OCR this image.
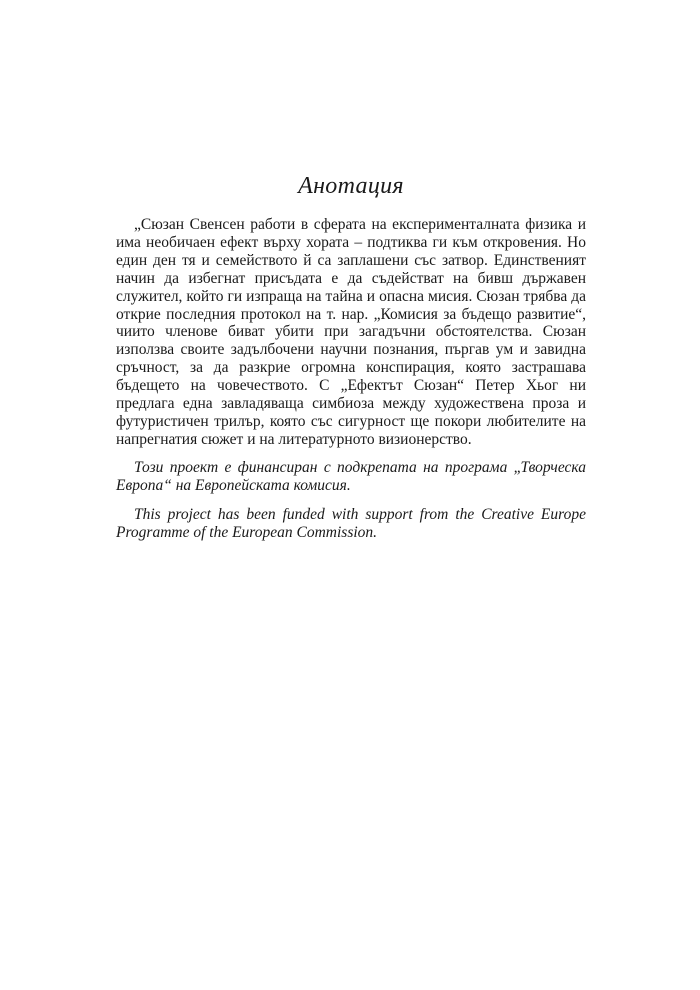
Анотация

„Сюзан Свенсен работи в сферата на експерименталната физика и има необичаен ефект върху хората – подтиква ги към откровения. Но един ден тя и семейството й са заплашени със затвор. Единственият начин да избегнат присъдата е да съдействат на бивш държавен служител, който ги изпраща на тайна и опасна мисия. Сюзан трябва да открие последния протокол на т. нар. „Комисия за бъдещо развитие“, чиито членове биват убити при загадъчни обстоятелства. Сюзан използва своите задълбочени научни познания, пъргав ум и завидна сръчност, за да разкрие огромна конспирация, която застрашава бъдещето на човечеството. С „Ефектът Сюзан“ Петер Хьог ни предлага една завладяваща симбиоза между художествена проза и футуристичен трилър, която със сигурност ще покори любителите на напрегнатия сюжет и на литературното визионерство.

Този проект е финансиран с подкрепата на програма „Творческа Европа“ на Европейската комисия.

This project has been funded with support from the Creative Europe Programme of the European Commission.
